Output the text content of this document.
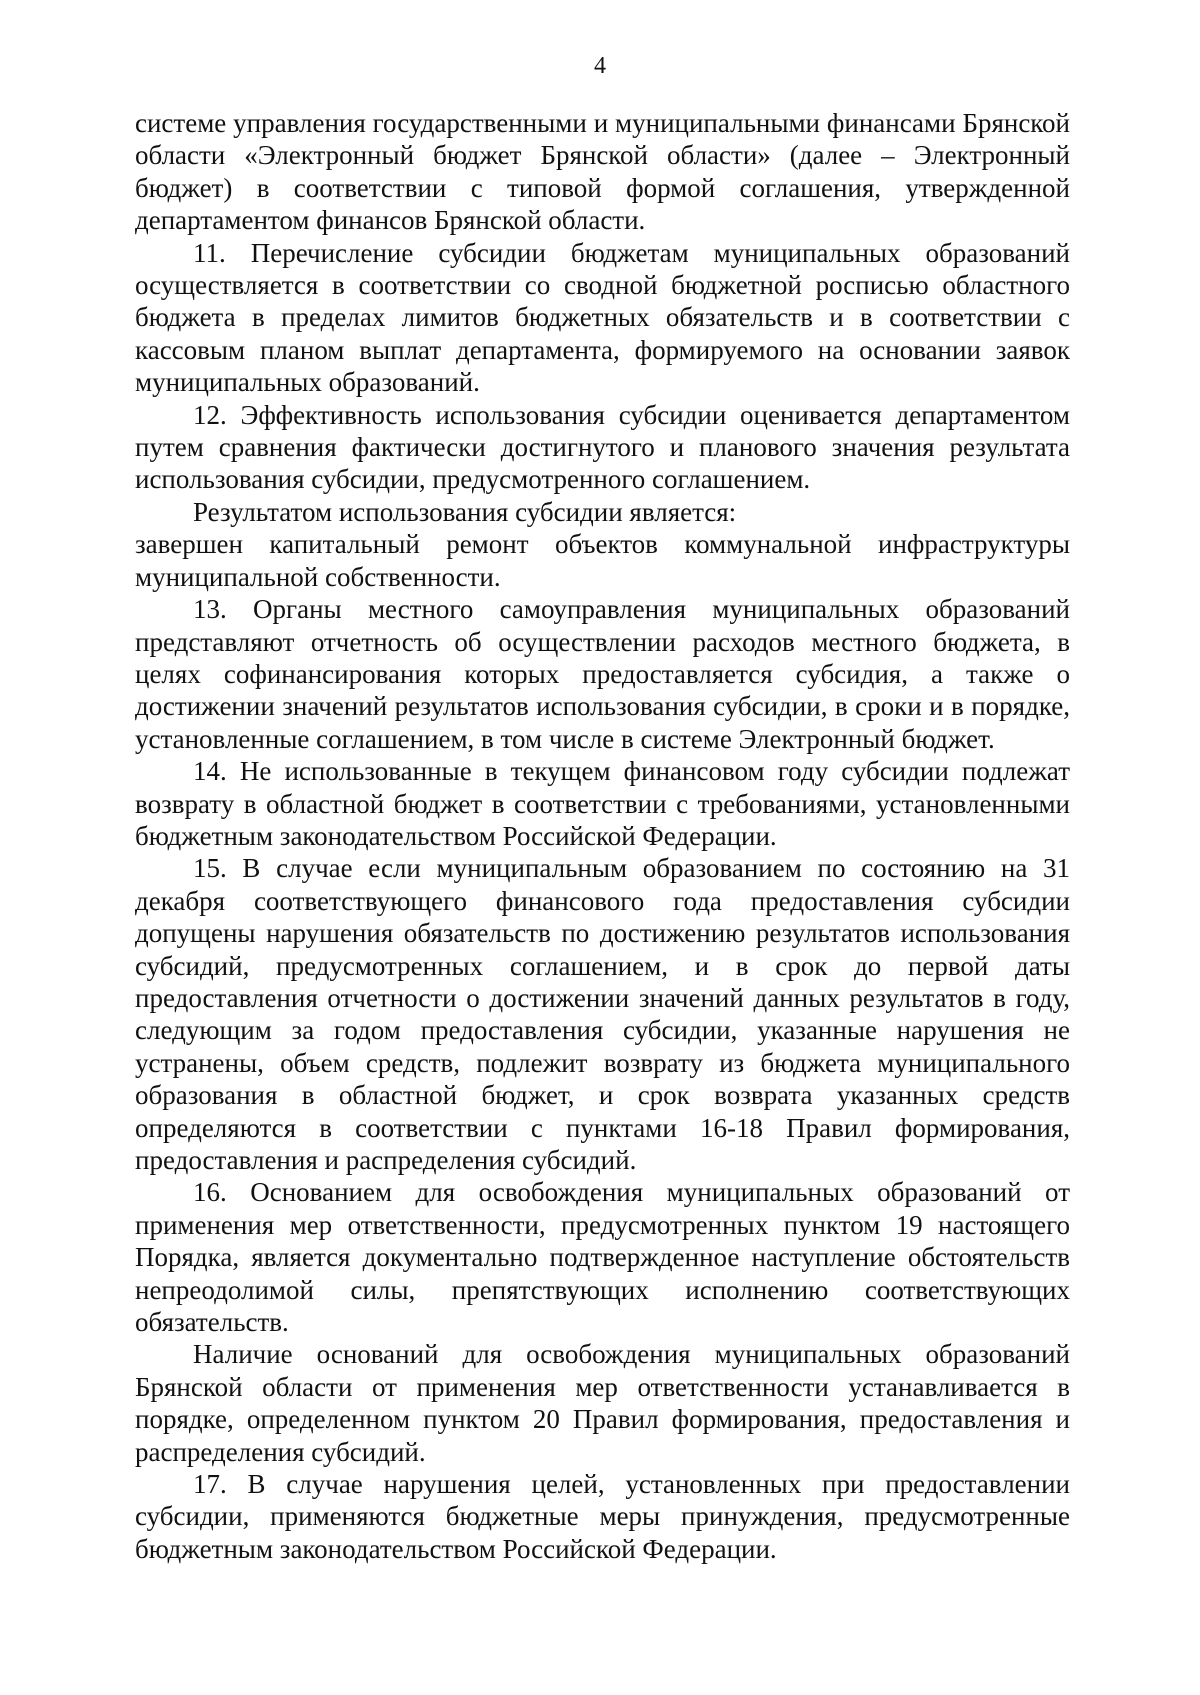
4

системе управления государственными и муниципальными финансами Брянской области «Электронный бюджет Брянской области» (далее – Электронный бюджет) в соответствии с типовой формой соглашения, утвержденной департаментом финансов Брянской области.

11. Перечисление субсидии бюджетам муниципальных образований осуществляется в соответствии со сводной бюджетной росписью областного бюджета в пределах лимитов бюджетных обязательств и в соответствии с кассовым планом выплат департамента, формируемого на основании заявок муниципальных образований.

12. Эффективность использования субсидии оценивается департаментом путем сравнения фактически достигнутого и планового значения результата использования субсидии, предусмотренного соглашением.

Результатом использования субсидии является:

завершен капитальный ремонт объектов коммунальной инфраструктуры муниципальной собственности.

13. Органы местного самоуправления муниципальных образований представляют отчетность об осуществлении расходов местного бюджета, в целях софинансирования которых предоставляется субсидия, а также о достижении значений результатов использования субсидии, в сроки и в порядке, установленные соглашением, в том числе в системе Электронный бюджет.

14. Не использованные в текущем финансовом году субсидии подлежат возврату в областной бюджет в соответствии с требованиями, установленными бюджетным законодательством Российской Федерации.

15. В случае если муниципальным образованием по состоянию на 31 декабря соответствующего финансового года предоставления субсидии допущены нарушения обязательств по достижению результатов использования субсидий, предусмотренных соглашением, и в срок до первой даты предоставления отчетности о достижении значений данных результатов в году, следующим за годом предоставления субсидии, указанные нарушения не устранены, объем средств, подлежит возврату из бюджета муниципального образования в областной бюджет, и срок возврата указанных средств определяются в соответствии с пунктами 16-18 Правил формирования, предоставления и распределения субсидий.

16. Основанием для освобождения муниципальных образований от применения мер ответственности, предусмотренных пунктом 19 настоящего Порядка, является документально подтвержденное наступление обстоятельств непреодолимой силы, препятствующих исполнению соответствующих обязательств.

Наличие оснований для освобождения муниципальных образований Брянской области от применения мер ответственности устанавливается в порядке, определенном пунктом 20 Правил формирования, предоставления и распределения субсидий.

17. В случае нарушения целей, установленных при предоставлении субсидии, применяются бюджетные меры принуждения, предусмотренные бюджетным законодательством Российской Федерации.
